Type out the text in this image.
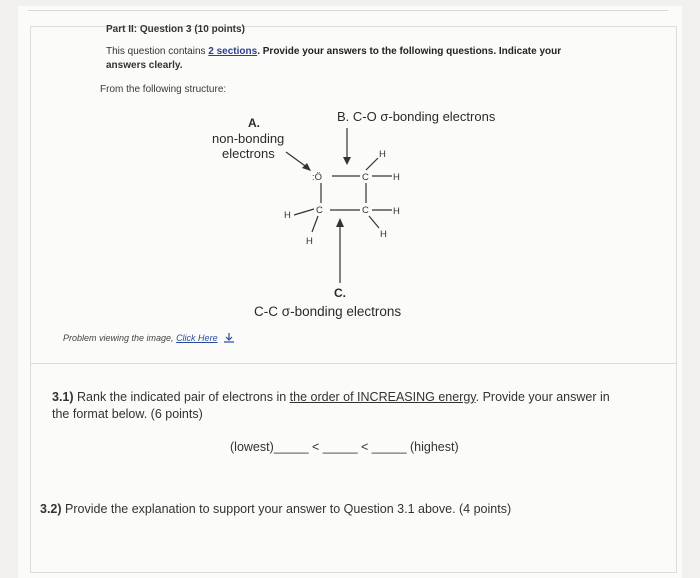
Part II: Question 3 (10 points)
This question contains 2 sections. Provide your answers to the following questions. Indicate your
answers clearly.
From the following structure:
A.
non-bonding
electrons
B. C-O σ-bonding electrons
C.
C-C σ-bonding electrons
:Ö	C
C	C
H
H
H
H
H
H
Problem viewing the image, Click Here
3.1) Rank the indicated pair of electrons in the order of INCREASING energy. Provide your answer in
the format below. (6 points)
(lowest)_____ < _____ < _____ (highest)
3.2) Provide the explanation to support your answer to Question 3.1 above. (4 points)
